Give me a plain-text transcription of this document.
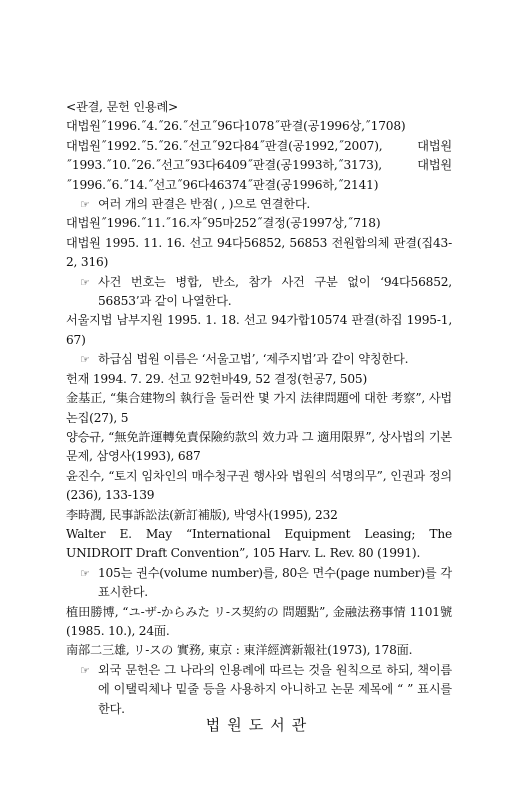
<관결, 문헌 인용례>

대법원˝1996.˝4.˝26.˝선고˝96다1078˝판결(공1996상,˝1708)

대법원˝1992.˝5.˝26.˝선고˝92다84˝판결(공1992,˝2007),　대법원˝1993.˝10.˝26.˝선고˝93다6409˝판결(공1993하,˝3173),　대법원˝1996.˝6.˝14.˝선고˝96다46374˝판결(공1996하,˝2141)

☞ 여러 개의 판결은 반점( , )으로 연결한다.

대법원˝1996.˝11.˝16.자˝95마252˝결정(공1997상,˝718)

대법원 1995. 11. 16. 선고 94다56852, 56853 전원합의체 판결(집43-2, 316)

☞ 사건 번호는 병합, 반소, 참가 사건 구분 없이 ‘94다56852, 56853’과 같이 나열한다.

서울지법 남부지원 1995. 1. 18. 선고 94가합10574 판결(하집 1995-1, 67)

☞ 하급심 법원 이름은 ‘서울고법’, ‘제주지법’과 같이 약칭한다.

헌재 1994. 7. 29. 선고 92헌바49, 52 결정(헌공7, 505)

金基正, “集合建物의 執行을 둘러싼 몇 가지 法律問題에 대한 考察”, 사법논집(27), 5

양승규, “無免許運轉免責保險約款의 效力과 그 適用限界”, 상사법의 기본문제, 삼영사(1993), 687

윤진수, “토지 임차인의 매수청구권 행사와 법원의 석명의무”, 인권과 정의(236), 133-139

李時潤, 民事訴訟法(新訂補版), 박영사(1995), 232

Walter E. May “International Equipment Leasing; The UNIDROIT Draft Convention”, 105 Harv. L. Rev. 80 (1991).

☞ 105는 권수(volume number)를, 80은 면수(page number)를 각 표시한다.

植田勝博, “ユ-ザ-からみた リ-ス契約の 問題點”, 金融法務事情 1101號(1985. 10.), 24面.

南部二三雄, リ-スの 實務, 東京 : 東洋經濟新報社(1973), 178面.

☞ 외국 문헌은 그 나라의 인용례에 따르는 것을 원칙으로 하되, 책이름에 이탤릭체나 밑줄 등을 사용하지 아니하고 논문 제목에 “ ” 표시를 한다.

법원도서관
